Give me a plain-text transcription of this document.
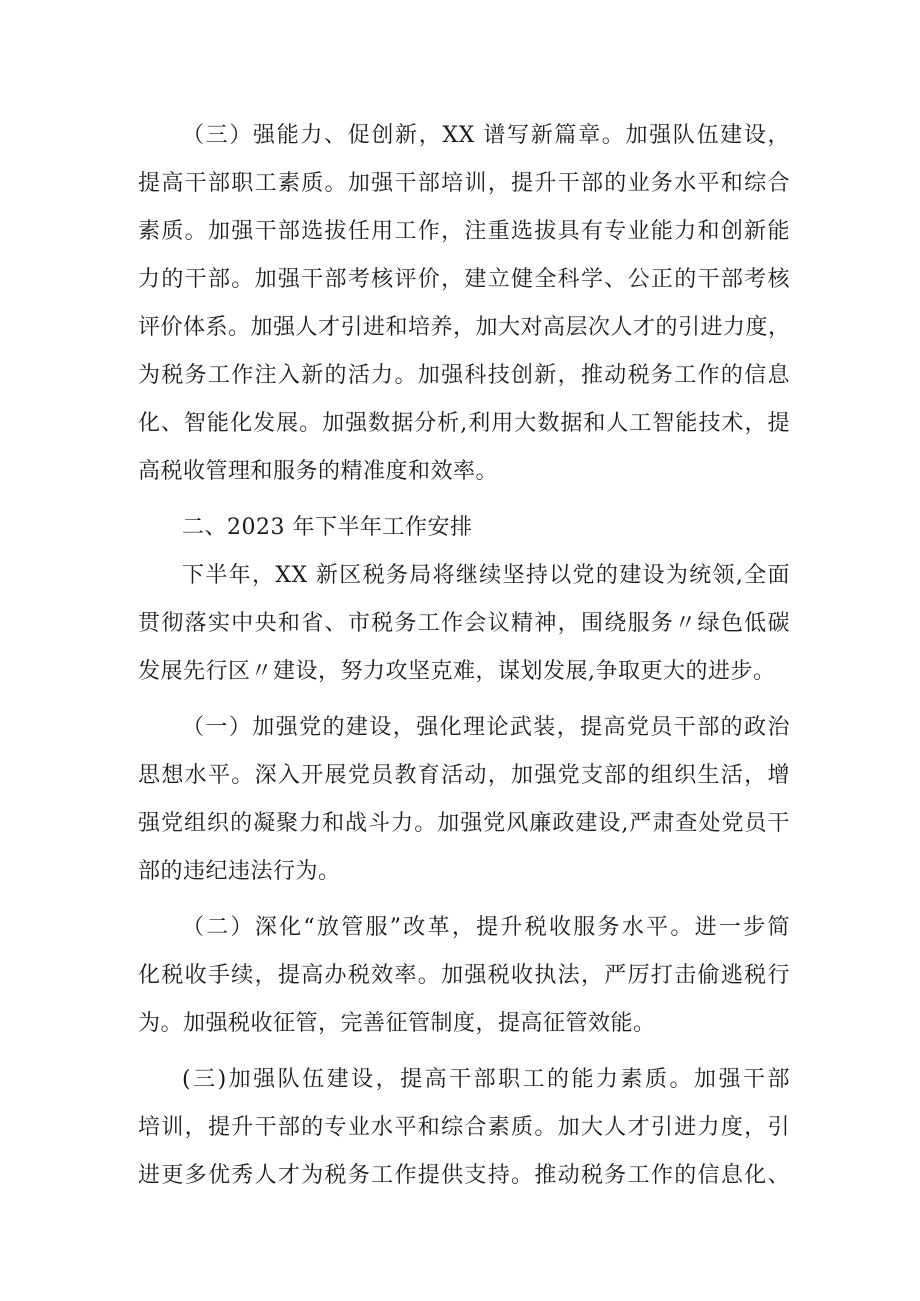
（三）强能力、促创新，XX 谱写新篇章。加强队伍建设，
提高干部职工素质。加强干部培训，提升干部的业务水平和综合
素质。加强干部选拔任用工作，注重选拔具有专业能力和创新能
力的干部。加强干部考核评价，建立健全科学、公正的干部考核
评价体系。加强人才引进和培养，加大对高层次人才的引进力度，
为税务工作注入新的活力。加强科技创新，推动税务工作的信息
化、智能化发展。加强数据分析,利用大数据和人工智能技术，提
高税收管理和服务的精准度和效率。
二、2023 年下半年工作安排
下半年，XX 新区税务局将继续坚持以党的建设为统领,全面
贯彻落实中央和省、市税务工作会议精神，围绕服务〃绿色低碳
发展先行区〃建设，努力攻坚克难，谋划发展,争取更大的进步。
（一）加强党的建设，强化理论武装，提高党员干部的政治
思想水平。深入开展党员教育活动，加强党支部的组织生活，增
强党组织的凝聚力和战斗力。加强党风廉政建设,严肃查处党员干
部的违纪违法行为。
（二）深化“放管服”改革，提升税收服务水平。进一步简
化税收手续，提高办税效率。加强税收执法，严厉打击偷逃税行
为。加强税收征管，完善征管制度，提高征管效能。
(三)加强队伍建设，提高干部职工的能力素质。加强干部
培训，提升干部的专业水平和综合素质。加大人才引进力度，引
进更多优秀人才为税务工作提供支持。推动税务工作的信息化、
